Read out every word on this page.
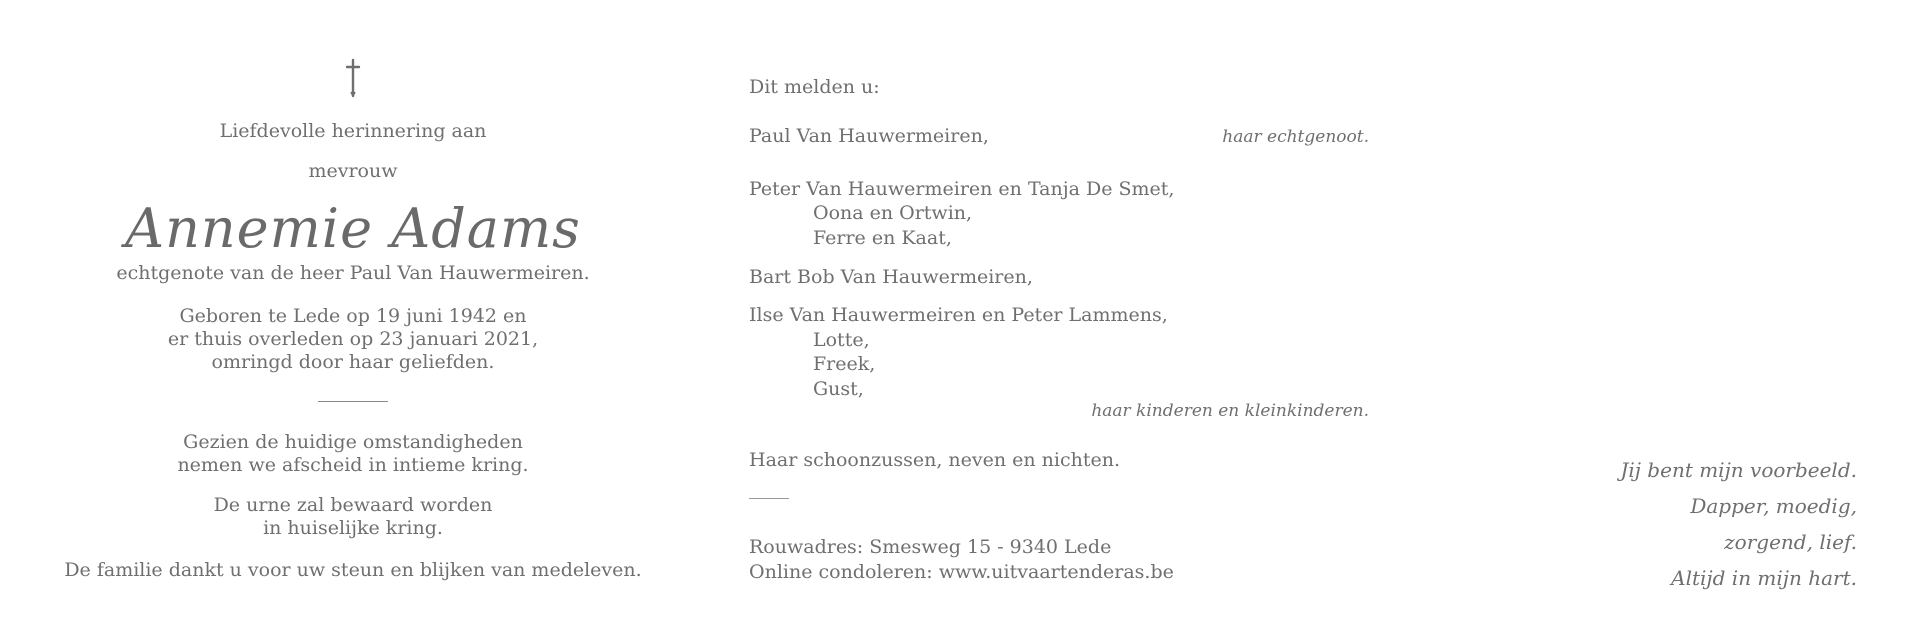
Liefdevolle herinnering aan
mevrouw
Annemie Adams
echtgenote van de heer Paul Van Hauwermeiren.
Geboren te Lede op 19 juni 1942 en
er thuis overleden op 23 januari 2021,
omringd door haar geliefden.
Gezien de huidige omstandigheden
nemen we afscheid in intieme kring.
De urne zal bewaard worden
in huiselijke kring.
De familie dankt u voor uw steun en blijken van medeleven.
Dit melden u:
Paul Van Hauwermeiren,	haar echtgenoot.
Peter Van Hauwermeiren en Tanja De Smet,
Oona en Ortwin,
Ferre en Kaat,
Bart Bob Van Hauwermeiren,
Ilse Van Hauwermeiren en Peter Lammens,
Lotte,
Freek,
Gust,
haar kinderen en kleinkinderen.
Haar schoonzussen, neven en nichten.
Rouwadres: Smesweg 15 - 9340 Lede
Online condoleren: www.uitvaartenderas.be
Jij bent mijn voorbeeld.
Dapper, moedig,
zorgend, lief.
Altijd in mijn hart.
